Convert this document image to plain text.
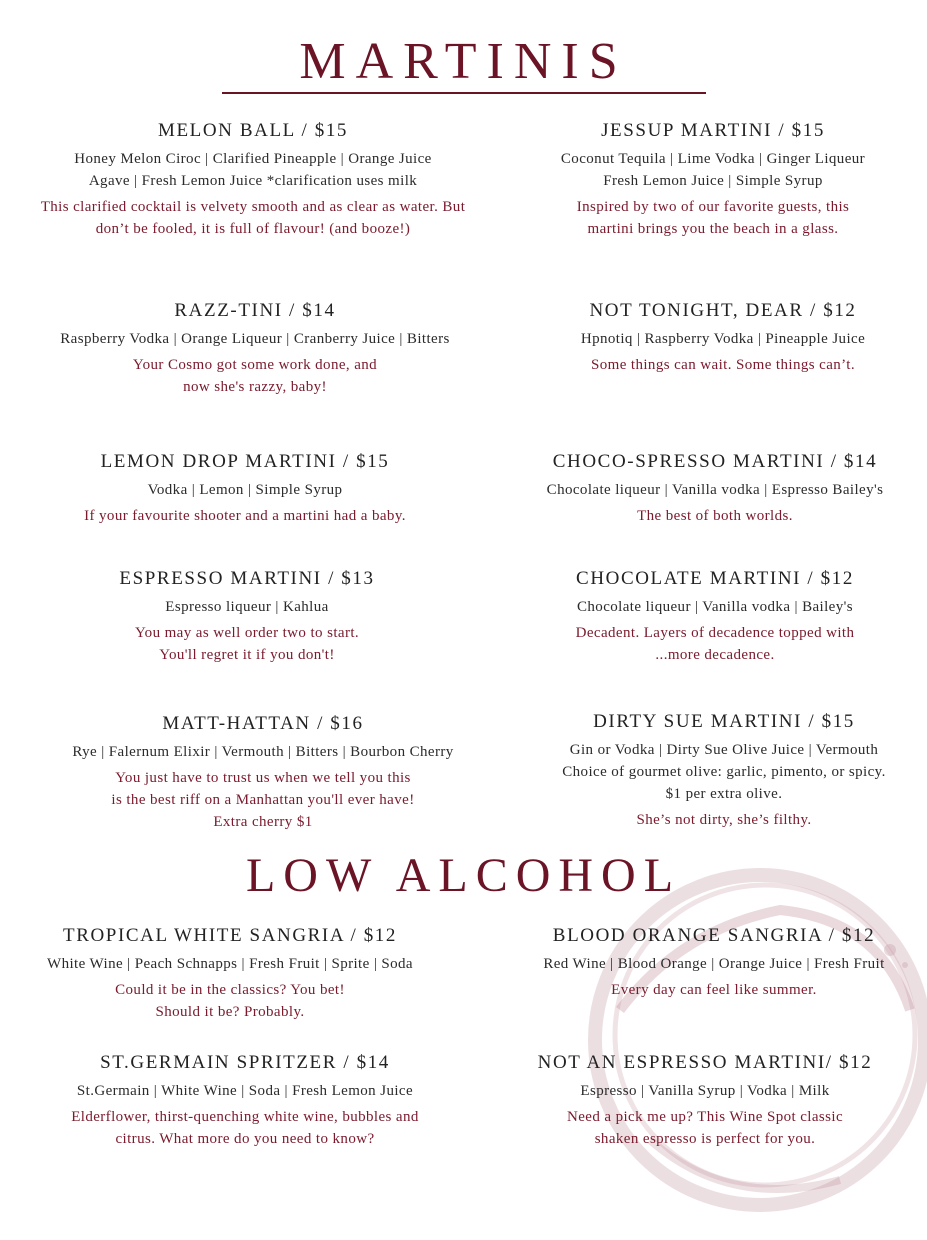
MARTINIS
MELON BALL / $15
Honey Melon Ciroc | Clarified Pineapple | Orange Juice
Agave | Fresh Lemon Juice *clarification uses milk
This clarified cocktail is velvety smooth and as clear as water. But
don’t be fooled, it is full of flavour! (and booze!)
RAZZ-TINI / $14
Raspberry Vodka | Orange Liqueur | Cranberry Juice | Bitters
Your Cosmo got some work done, and
now she's razzy, baby!
LEMON DROP MARTINI / $15
Vodka | Lemon | Simple Syrup
If your favourite shooter and a martini had a baby.
ESPRESSO MARTINI / $13
Espresso liqueur | Kahlua
You may as well order two to start.
You'll regret it if you don't!
MATT-HATTAN / $16
Rye | Falernum Elixir | Vermouth | Bitters | Bourbon Cherry
You just have to trust us when we tell you this
is the best riff on a Manhattan you'll ever have!
Extra cherry $1
JESSUP MARTINI / $15
Coconut Tequila | Lime Vodka | Ginger Liqueur
Fresh Lemon Juice | Simple Syrup
Inspired by two of our favorite guests, this
martini brings you the beach in a glass.
NOT TONIGHT, DEAR / $12
Hpnotiq | Raspberry Vodka | Pineapple Juice
Some things can wait. Some things can’t.
CHOCO-SPRESSO MARTINI / $14
Chocolate liqueur | Vanilla vodka | Espresso Bailey's
The best of both worlds.
CHOCOLATE MARTINI / $12
Chocolate liqueur | Vanilla vodka | Bailey's
Decadent. Layers of decadence topped with
...more decadence.
DIRTY SUE MARTINI / $15
Gin or Vodka | Dirty Sue Olive Juice | Vermouth
Choice of gourmet olive: garlic, pimento, or spicy.
$1 per extra olive.
She’s not dirty, she’s filthy.
LOW ALCOHOL
TROPICAL WHITE SANGRIA / $12
White Wine | Peach Schnapps | Fresh Fruit | Sprite | Soda
Could it be in the classics? You bet!
Should it be? Probably.
BLOOD ORANGE SANGRIA / $12
Red Wine | Blood Orange | Orange Juice | Fresh Fruit
Every day can feel like summer.
ST.GERMAIN SPRITZER / $14
St.Germain | White Wine | Soda | Fresh Lemon Juice
Elderflower, thirst-quenching white wine, bubbles and
citrus. What more do you need to know?
NOT AN ESPRESSO MARTINI/ $12
Espresso | Vanilla Syrup | Vodka | Milk
Need a pick me up? This Wine Spot classic
shaken espresso is perfect for you.
